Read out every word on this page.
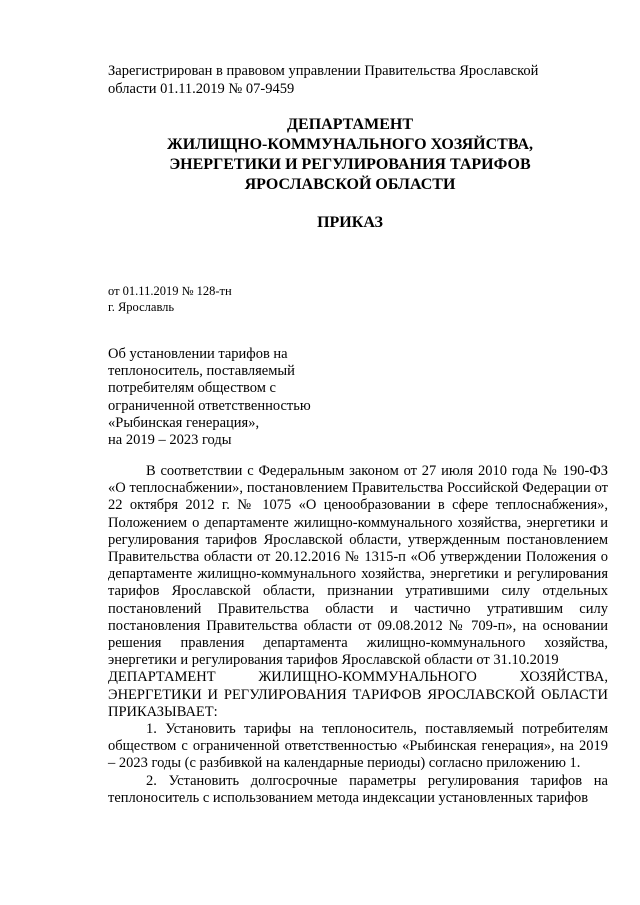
Зарегистрирован в правовом управлении Правительства Ярославской области 01.11.2019 № 07-9459
ДЕПАРТАМЕНТ
ЖИЛИЩНО-КОММУНАЛЬНОГО ХОЗЯЙСТВА,
ЭНЕРГЕТИКИ И РЕГУЛИРОВАНИЯ ТАРИФОВ
ЯРОСЛАВСКОЙ ОБЛАСТИ
ПРИКАЗ
от 01.11.2019 № 128-тн
г. Ярославль
Об установлении тарифов на
теплоноситель, поставляемый
потребителям обществом с
ограниченной ответственностью
«Рыбинская генерация»,
на 2019 – 2023 годы

В соответствии с Федеральным законом от 27 июля 2010 года № 190-ФЗ «О теплоснабжении», постановлением Правительства Российской Федерации от 22 октября 2012 г. № 1075 «О ценообразовании в сфере теплоснабжения», Положением о департаменте жилищно-коммунального хозяйства, энергетики и регулирования тарифов Ярославской области, утвержденным постановлением Правительства области от 20.12.2016 № 1315-п «Об утверждении Положения о департаменте жилищно-коммунального хозяйства, энергетики и регулирования тарифов Ярославской области, признании утратившими силу отдельных постановлений Правительства области и частично утратившим силу постановления Правительства области от 09.08.2012 № 709-п», на основании решения правления департамента жилищно-коммунального хозяйства, энергетики и регулирования тарифов Ярославской области от 31.10.2019

ДЕПАРТАМЕНТ ЖИЛИЩНО-КОММУНАЛЬНОГО ХОЗЯЙСТВА, ЭНЕРГЕТИКИ И РЕГУЛИРОВАНИЯ ТАРИФОВ ЯРОСЛАВСКОЙ ОБЛАСТИ ПРИКАЗЫВАЕТ:

1. Установить тарифы на теплоноситель, поставляемый потребителям обществом с ограниченной ответственностью «Рыбинская генерация», на 2019 – 2023 годы (с разбивкой на календарные периоды) согласно приложению 1.

2. Установить долгосрочные параметры регулирования тарифов на теплоноситель с использованием метода индексации установленных тарифов
